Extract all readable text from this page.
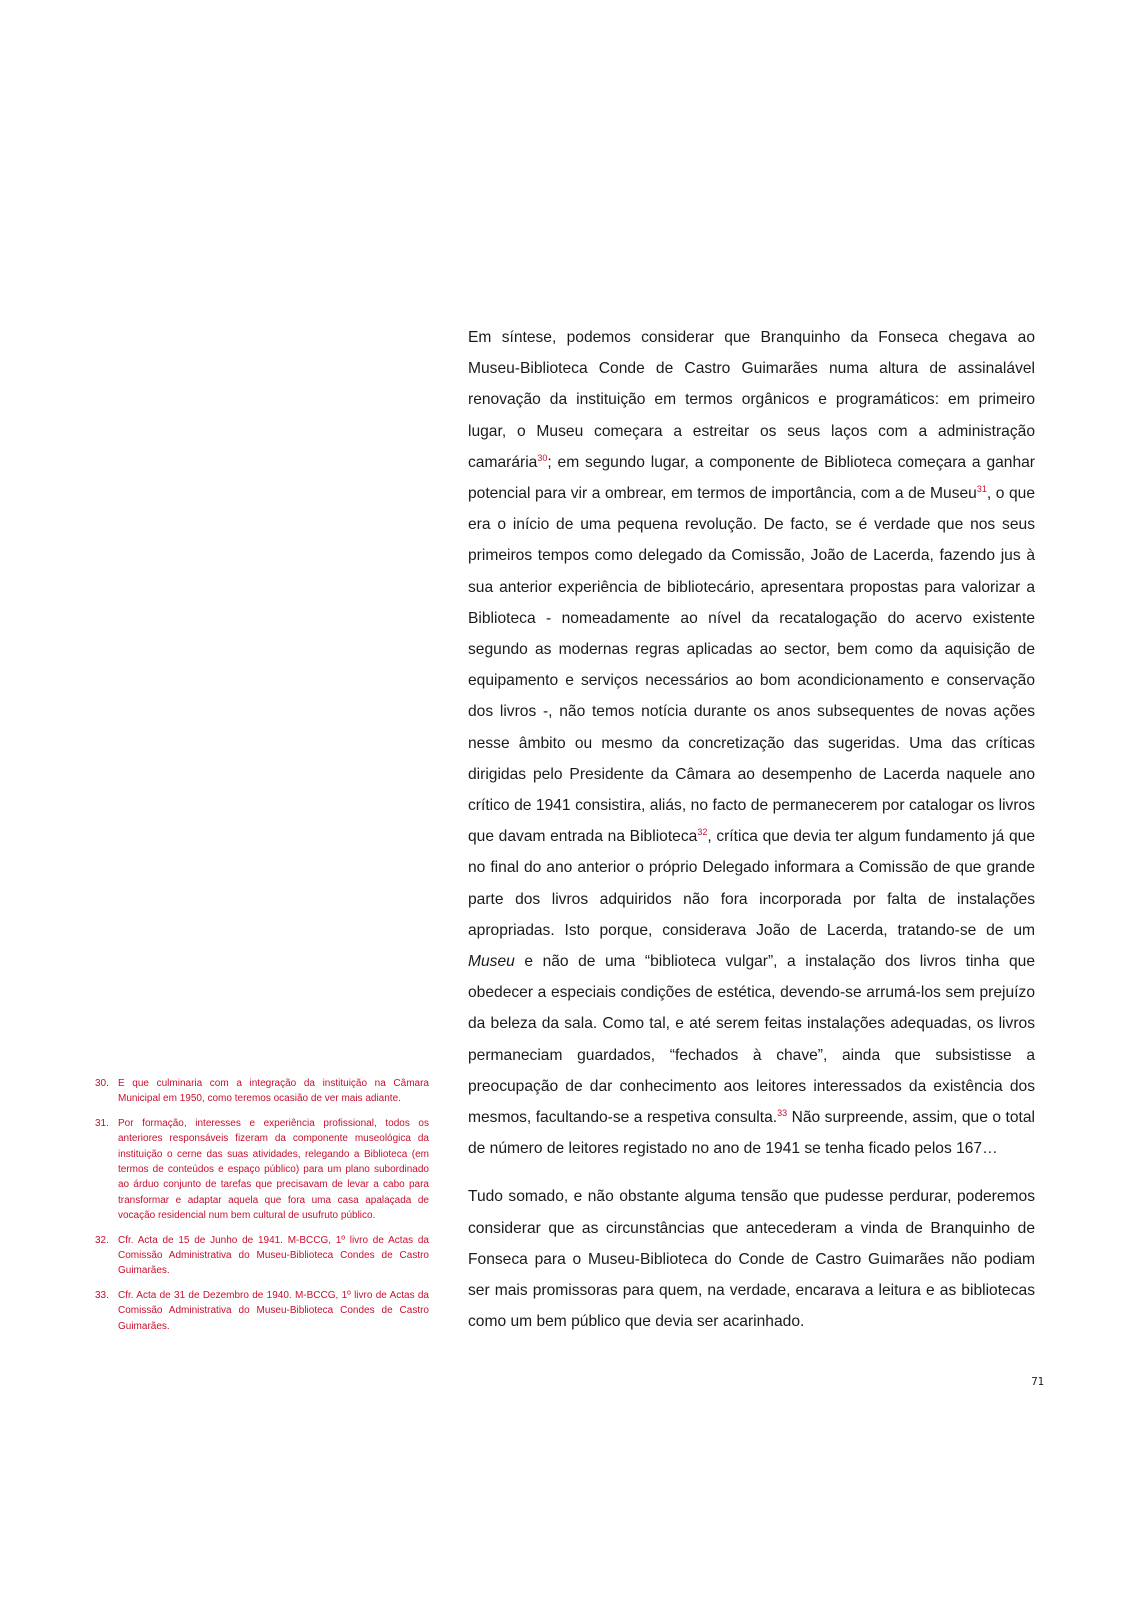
Em síntese, podemos considerar que Branquinho da Fonseca chegava ao Museu-Biblioteca Conde de Castro Guimarães numa altura de assinalável renovação da instituição em termos orgânicos e programáticos: em primeiro lugar, o Museu começara a estreitar os seus laços com a administração camarária$^{30}$; em segundo lugar, a componente de Biblioteca começara a ganhar potencial para vir a ombrear, em termos de importância, com a de Museu$^{31}$, o que era o início de uma pequena revolução. De facto, se é verdade que nos seus primeiros tempos como delegado da Comissão, João de Lacerda, fazendo jus à sua anterior experiência de bibliotecário, apresentara propostas para valorizar a Biblioteca - nomeadamente ao nível da recatalogação do acervo existente segundo as modernas regras aplicadas ao sector, bem como da aquisição de equipamento e serviços necessários ao bom acondicionamento e conservação dos livros -, não temos notícia durante os anos subsequentes de novas ações nesse âmbito ou mesmo da concretização das sugeridas. Uma das críticas dirigidas pelo Presidente da Câmara ao desempenho de Lacerda naquele ano crítico de 1941 consistira, aliás, no facto de permanecerem por catalogar os livros que davam entrada na Biblioteca$^{32}$, crítica que devia ter algum fundamento já que no final do ano anterior o próprio Delegado informara a Comissão de que grande parte dos livros adquiridos não fora incorporada por falta de instalações apropriadas. Isto porque, considerava João de Lacerda, tratando-se de um Museu e não de uma “biblioteca vulgar”, a instalação dos livros tinha que obedecer a especiais condições de estética, devendo-se arrumá-los sem prejuízo da beleza da sala. Como tal, e até serem feitas instalações adequadas, os livros permaneciam guardados, “fechados à chave”, ainda que subsistisse a preocupação de dar conhecimento aos leitores interessados da existência dos mesmos, facultando-se a respetiva consulta.$^{33}$ Não surpreende, assim, que o total de número de leitores registado no ano de 1941 se tenha ficado pelos 167…

Tudo somado, e não obstante alguma tensão que pudesse perdurar, poderemos considerar que as circunstâncias que antecederam a vinda de Branquinho de Fonseca para o Museu-Biblioteca do Conde de Castro Guimarães não podiam ser mais promissoras para quem, na verdade, encarava a leitura e as bibliotecas como um bem público que devia ser acarinhado.

30. E que culminaria com a integração da instituição na Câmara Municipal em 1950, como teremos ocasião de ver mais adiante.
31. Por formação, interesses e experiência profissional, todos os anteriores responsáveis fizeram da componente museológica da instituição o cerne das suas atividades, relegando a Biblioteca (em termos de conteúdos e espaço público) para um plano subordinado ao árduo conjunto de tarefas que precisavam de levar a cabo para transformar e adaptar aquela que fora uma casa apalaçada de vocação residencial num bem cultural de usufruto público.
32. Cfr. Acta de 15 de Junho de 1941. M-BCCG, 1º livro de Actas da Comissão Administrativa do Museu-Biblioteca Condes de Castro Guimarães.
33. Cfr. Acta de 31 de Dezembro de 1940. M-BCCG, 1º livro de Actas da Comissão Administrativa do Museu-Biblioteca Condes de Castro Guimarães.
71
